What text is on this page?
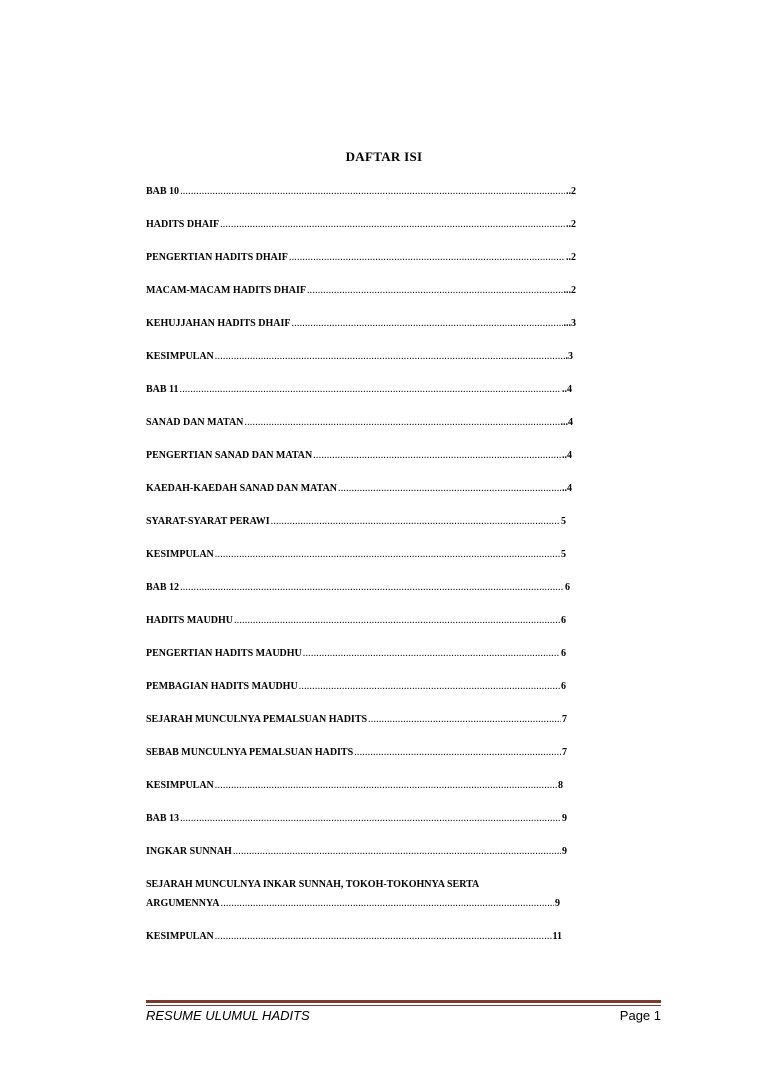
DAFTAR ISI
BAB 10 .....	..2
HADITS DHAIF .....	..2
PENGERTIAN HADITS DHAIF .....	..2
MACAM-MACAM HADITS DHAIF .....	...2
KEHUJJAHAN HADITS DHAIF .....	...3
KESIMPULAN .....	.3
BAB 11 .....	..4
SANAD DAN MATAN .....	...4
PENGERTIAN SANAD DAN MATAN .....	..4
KAEDAH-KAEDAH SANAD DAN MATAN .....	..4
SYARAT-SYARAT PERAWI .....	5
KESIMPULAN .....	5
BAB 12 .....	6
HADITS MAUDHU .....	6
PENGERTIAN HADITS MAUDHU .....	6
PEMBAGIAN HADITS MAUDHU .....	6
SEJARAH MUNCULNYA PEMALSUAN HADITS .....	7
SEBAB MUNCULNYA PEMALSUAN HADITS .....	7
KESIMPULAN .....	8
BAB 13 .....	9
INGKAR SUNNAH .....	9
SEJARAH MUNCULNYA INKAR SUNNAH, TOKOH-TOKOHNYA SERTA
ARGUMENNYA .....	9
KESIMPULAN .....	11
RESUME ULUMUL HADITS	Page 1
